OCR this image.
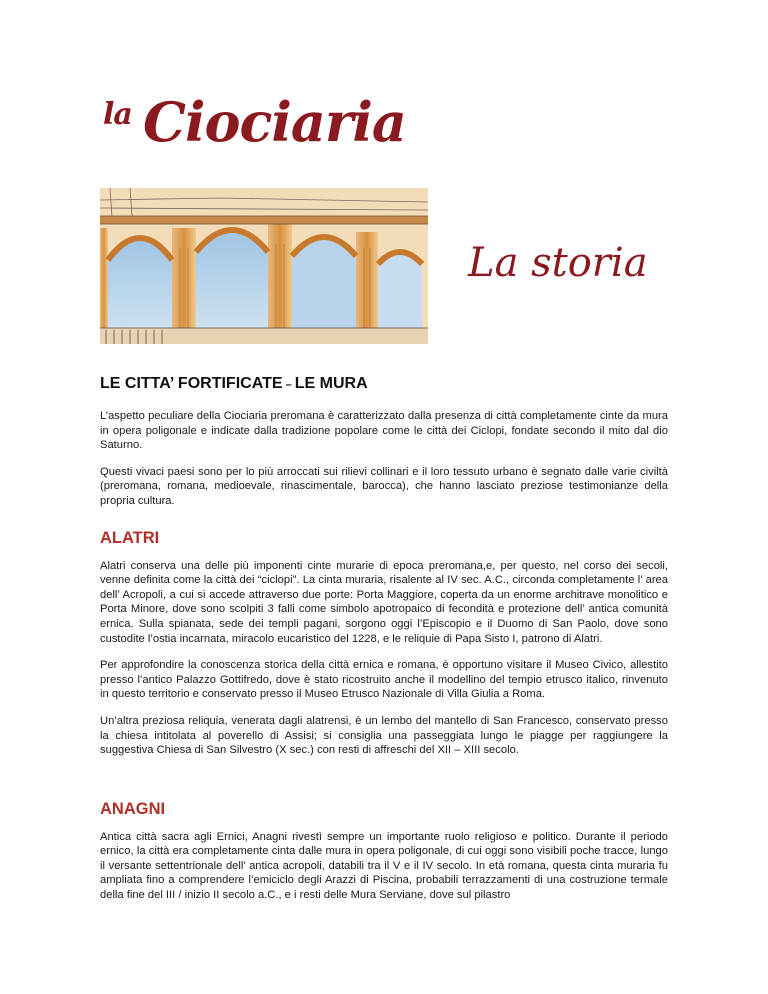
la Ciociaria
La storia
LE CITTA’ FORTIFICATE – LE MURA

L’aspetto peculiare della Ciociaria preromana è caratterizzato dalla presenza di città completamente cinte da mura in opera poligonale e indicate dalla tradizione popolare come le città dei Ciclopi, fondate secondo il mito dal dio Saturno.

Questi vivaci paesi sono per lo più arroccati sui rilievi collinari e il loro tessuto urbano è segnato dalle varie civiltà (preromana, romana, medioevale, rinascimentale, barocca), che hanno lasciato preziose testimonianze della propria cultura.

ALATRI

Alatri conserva una delle più imponenti cinte murarie di epoca preromana,e, per questo, nel corso dei secoli, venne definita come la città dei “ciclopi”. La cinta muraria, risalente al IV sec. A.C., circonda completamente l’ area dell’ Acropoli, a cui si accede attraverso due porte: Porta Maggiore, coperta da un enorme architrave monolitico e Porta Minore, dove sono scolpiti 3 falli come simbolo apotropaico di fecondità e protezione dell’ antica comunità ernica. Sulla spianata, sede dei templi pagani, sorgono oggi l’Episcopio e il Duomo di San Paolo, dove sono custodite l’ostia incarnata, miracolo eucaristico del 1228, e le reliquie di Papa Sisto I, patrono di Alatri.

Per approfondire la conoscenza storica della città ernica e romana, è opportuno visitare il Museo Civico, allestito presso l’antico Palazzo Gottifredo, dove è stato ricostruito anche il modellino del tempio etrusco italico, rinvenuto in questo territorio e conservato presso il Museo Etrusco Nazionale di Villa Giulia a Roma.

Un’altra preziosa reliquia, venerata dagli alatrensi, è un lembo del mantello di San Francesco, conservato presso la chiesa intitolata al poverello di Assisi; si consiglia una passeggiata lungo le piagge per raggiungere la suggestiva Chiesa di San Silvestro (X sec.) con resti di affreschi del XII – XIII secolo.

ANAGNI

Antica città sacra agli Ernici, Anagni rivestì sempre un importante ruolo religioso e politico. Durante il periodo ernico, la città era completamente cinta dalle mura in opera poligonale, di cui oggi sono visibili poche tracce, lungo il versante settentrionale dell’ antica acropoli, databili tra il V e il IV secolo. In età romana, questa cinta muraria fu ampliata fino a comprendere l’emiciclo degli Arazzi di Piscina, probabili terrazzamenti di una costruzione termale della fine del III / inizio II secolo a.C., e i resti delle Mura Serviane, dove sul pilastro
